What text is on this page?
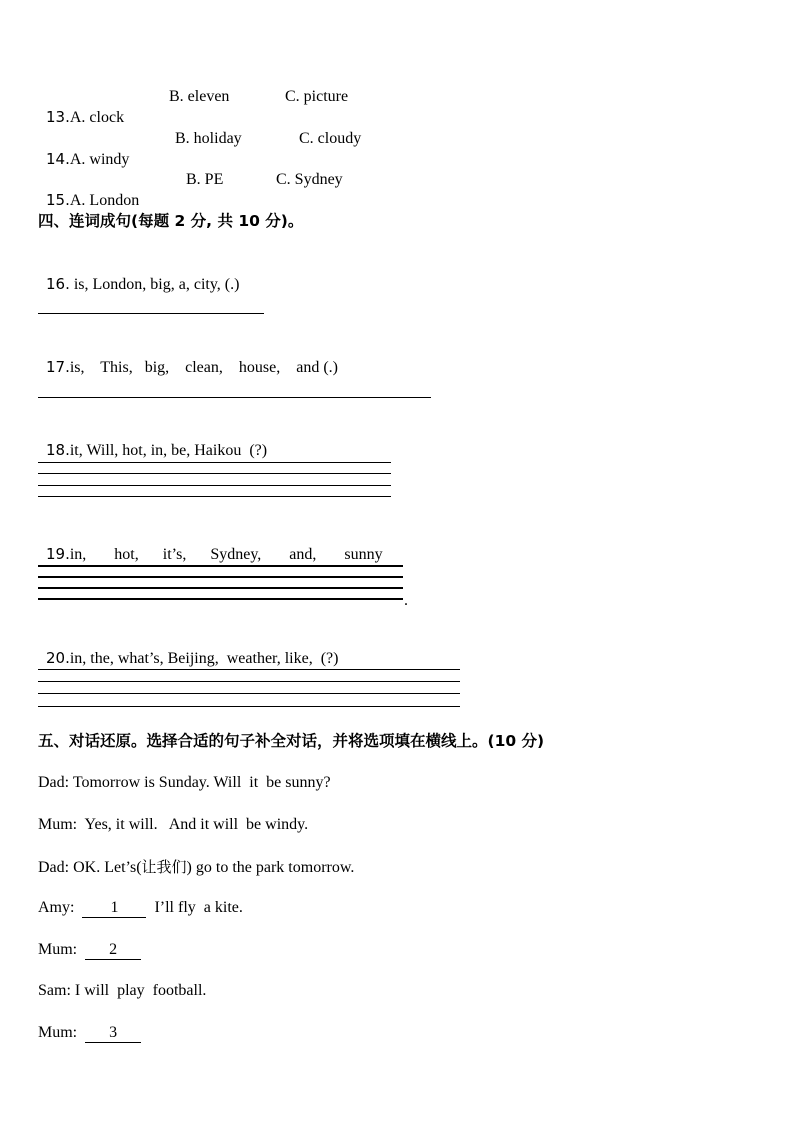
13.A. clock

B. eleven	C. picture

14.A. windy

B. holiday	C. cloudy

15.A. London

B. PE	C. Sydney
四、连词成句(每题 2 分, 共 10 分)。

16. is, London, big, a, city, (.)

17.is,    This,   big,    clean,    house,    and (.)

18.it, Will, hot, in, be, Haikou  (?)

19.in,       hot,      it’s,      Sydney,       and,       sunny

.

20.in, the, what’s, Beijing,  weather, like,  (?)

五、对话还原。选择合适的句子补全对话，并将选项填在横线上。(10 分)
Dad: Tomorrow is Sunday. Will  it  be sunny?
Mum:  Yes, it will.   And it will  be windy.
Dad: OK. Let’s(让我们) go to the park tomorrow.
Amy:  1  I’ll fly  a kite.
Mum:  2
Sam: I will  play  football.
Mum:  3
